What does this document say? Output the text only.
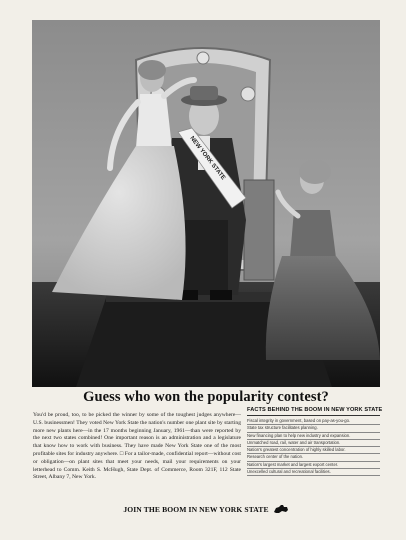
NEW YORK STATE
Guess who won the popularity contest?

You'd be proud, too, to be picked the winner by some of the toughest judges anywhere—U.S. businessmen! They voted New York State the nation's number one plant site by starting more new plants here—in the 17 months beginning January, 1961—than were reported by the next two states combined! One important reason is an administration and a legislature that know how to work with business. They have made New York State one of the most profitable sites for industry anywhere. □ For a tailor-made, confidential report—without cost or obligation—on plant sites that meet your needs, mail your requirements on your letterhead to Comm. Keith S. McHugh, State Dept. of Commerce, Room 321F, 112 State Street, Albany 7, New York.

FACTS BEHIND THE BOOM IN NEW YORK STATE
Fiscal integrity in government, based on pay-as-you-go.
State tax structure facilitates planning.
New financing plan to help new industry and expansion.
Unmatched road, rail, water and air transportation.
Nation's greatest concentration of highly skilled labor.
Research center of the nation.
Nation's largest market and largest export center.
Unexcelled cultural and recreational facilities.
JOIN THE BOOM IN NEW YORK STATE
